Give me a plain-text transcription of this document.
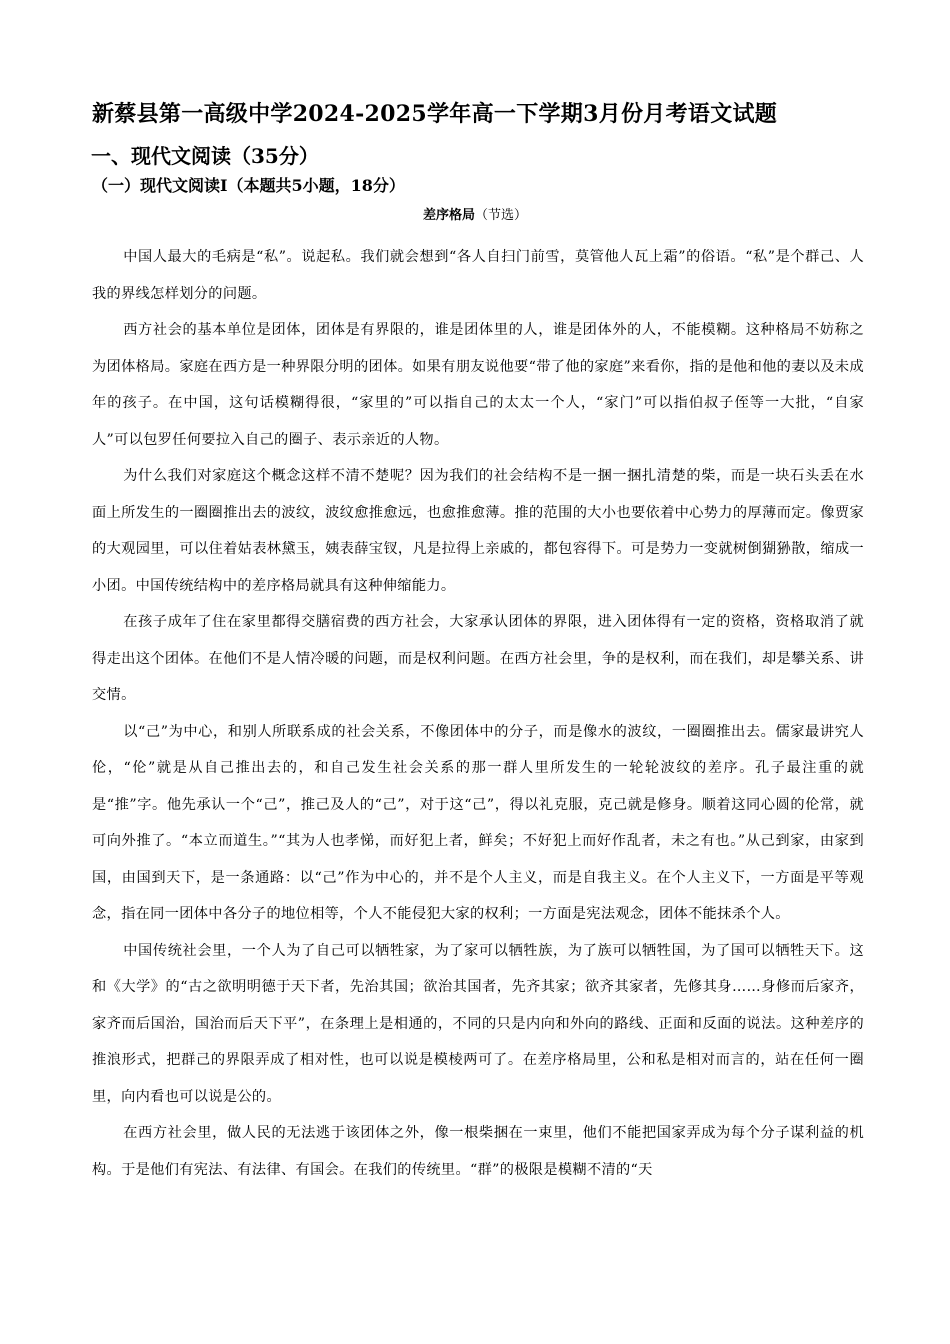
新蔡县第一高级中学2024-2025学年高一下学期3月份月考语文试题
一、现代文阅读（35分）
（一）现代文阅读I（本题共5小题，18分）
差序格局（节选）

中国人最大的毛病是“私”。说起私。我们就会想到“各人自扫门前雪，莫管他人瓦上霜”的俗语。“私”是个群己、人我的界线怎样划分的问题。

西方社会的基本单位是团体，团体是有界限的，谁是团体里的人，谁是团体外的人，不能模糊。这种格局不妨称之为团体格局。家庭在西方是一种界限分明的团体。如果有朋友说他要“带了他的家庭”来看你，指的是他和他的妻以及未成年的孩子。在中国，这句话模糊得很，“家里的”可以指自己的太太一个人，“家门”可以指伯叔子侄等一大批，“自家人”可以包罗任何要拉入自己的圈子、表示亲近的人物。

为什么我们对家庭这个概念这样不清不楚呢？因为我们的社会结构不是一捆一捆扎清楚的柴，而是一块石头丢在水面上所发生的一圈圈推出去的波纹，波纹愈推愈远，也愈推愈薄。推的范围的大小也要依着中心势力的厚薄而定。像贾家的大观园里，可以住着姑表林黛玉，姨表薛宝钗，凡是拉得上亲戚的，都包容得下。可是势力一变就树倒猢狲散，缩成一小团。中国传统结构中的差序格局就具有这种伸缩能力。

在孩子成年了住在家里都得交膳宿费的西方社会，大家承认团体的界限，进入团体得有一定的资格，资格取消了就得走出这个团体。在他们不是人情冷暖的问题，而是权利问题。在西方社会里，争的是权利，而在我们，却是攀关系、讲交情。

以“己”为中心，和别人所联系成的社会关系，不像团体中的分子，而是像水的波纹，一圈圈推出去。儒家最讲究人伦，“伦”就是从自己推出去的，和自己发生社会关系的那一群人里所发生的一轮轮波纹的差序。孔子最注重的就是“推”字。他先承认一个“己”，推己及人的“己”，对于这“己”，得以礼克服，克己就是修身。顺着这同心圆的伦常，就可向外推了。“本立而道生。”“其为人也孝悌，而好犯上者，鲜矣；不好犯上而好作乱者，未之有也。”从己到家，由家到国，由国到天下，是一条通路：以“己”作为中心的，并不是个人主义，而是自我主义。在个人主义下，一方面是平等观念，指在同一团体中各分子的地位相等，个人不能侵犯大家的权利；一方面是宪法观念，团体不能抹杀个人。

中国传统社会里，一个人为了自己可以牺牲家，为了家可以牺牲族，为了族可以牺牲国，为了国可以牺牲天下。这和《大学》的“古之欲明明德于天下者，先治其国；欲治其国者，先齐其家；欲齐其家者，先修其身……身修而后家齐，家齐而后国治，国治而后天下平”，在条理上是相通的，不同的只是内向和外向的路线、正面和反面的说法。这种差序的推浪形式，把群己的界限弄成了相对性，也可以说是模棱两可了。在差序格局里，公和私是相对而言的，站在任何一圈里，向内看也可以说是公的。

在西方社会里，做人民的无法逃于该团体之外，像一根柴捆在一束里，他们不能把国家弄成为每个分子谋利益的机构。于是他们有宪法、有法律、有国会。在我们的传统里。“群”的极限是模糊不清的“天
